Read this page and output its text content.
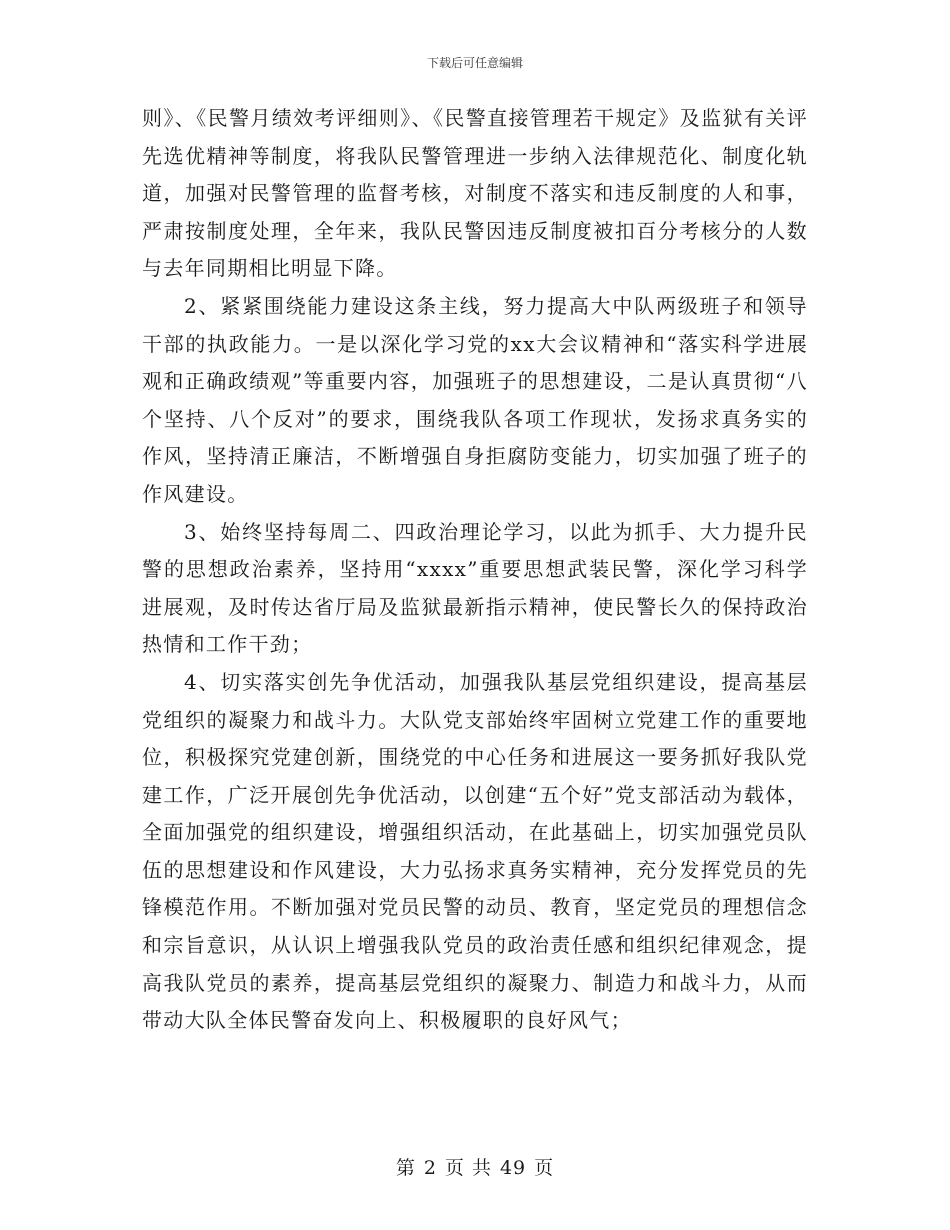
下载后可任意编辑

则》、《民警月绩效考评细则》、《民警直接管理若干规定》及监狱有关评先选优精神等制度，将我队民警管理进一步纳入法律规范化、制度化轨道，加强对民警管理的监督考核，对制度不落实和违反制度的人和事，严肃按制度处理，全年来，我队民警因违反制度被扣百分考核分的人数与去年同期相比明显下降。

2、紧紧围绕能力建设这条主线，努力提高大中队两级班子和领导干部的执政能力。一是以深化学习党的xx大会议精神和“落实科学进展观和正确政绩观”等重要内容，加强班子的思想建设，二是认真贯彻“八个坚持、八个反对”的要求，围绕我队各项工作现状，发扬求真务实的作风，坚持清正廉洁，不断增强自身拒腐防变能力，切实加强了班子的作风建设。

3、始终坚持每周二、四政治理论学习，以此为抓手、大力提升民警的思想政治素养，坚持用“xxxx”重要思想武装民警，深化学习科学进展观，及时传达省厅局及监狱最新指示精神，使民警长久的保持政治热情和工作干劲；

4、切实落实创先争优活动，加强我队基层党组织建设，提高基层党组织的凝聚力和战斗力。大队党支部始终牢固树立党建工作的重要地位，积极探究党建创新，围绕党的中心任务和进展这一要务抓好我队党建工作，广泛开展创先争优活动，以创建“五个好”党支部活动为载体，全面加强党的组织建设，增强组织活动，在此基础上，切实加强党员队伍的思想建设和作风建设，大力弘扬求真务实精神，充分发挥党员的先锋模范作用。不断加强对党员民警的动员、教育，坚定党员的理想信念和宗旨意识，从认识上增强我队党员的政治责任感和组织纪律观念，提高我队党员的素养，提高基层党组织的凝聚力、制造力和战斗力，从而带动大队全体民警奋发向上、积极履职的良好风气；

第 2 页 共 49 页
